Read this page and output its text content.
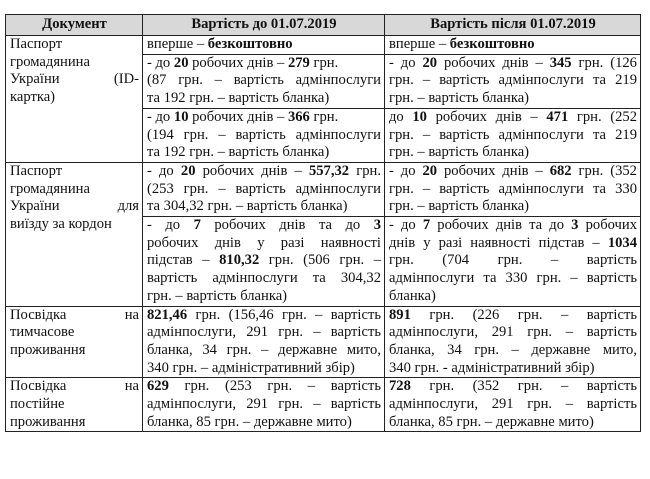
Документ	Вартість до 01.07.2019	Вартість після 01.07.2019

Паспорт
громадянина
України (ID-
картка)	вперше – безкоштовно	вперше – безкоштовно

	- до 20 робочих днів – 279 грн.
(87 грн. – вартість адмінпослуги
та 192 грн. – вартість бланка)	- до 20 робочих днів – 345 грн. (126
грн. – вартість адмінпослуги та 219
грн. – вартість бланка)

	- до 10 робочих днів – 366 грн.
(194 грн. – вартість адмінпослуги
та 192 грн. – вартість бланка)	до 10 робочих днів – 471 грн. (252
грн. – вартість адмінпослуги та 219
грн. – вартість бланка)

Паспорт
громадянина
України для
виїзду за кордон	- до 20 робочих днів – 557,32 грн.
(253 грн. – вартість адмінпослуги
та 304,32 грн. – вартість бланка)	- до 20 робочих днів – 682 грн. (352
грн. – вартість адмінпослуги та 330
грн. – вартість бланка)

	- до 7 робочих днів та до 3
робочих днів у разі наявності
підстав – 810,32 грн. (506 грн. –
вартість адмінпослуги та 304,32
грн. – вартість бланка)	- до 7 робочих днів та до 3 робочих
днів у разі наявності підстав – 1034
грн. (704 грн. – вартість
адмінпослуги та 330 грн. – вартість
бланка)

Посвідка на
тимчасове
проживання	821,46 грн. (156,46 грн. – вартість
адмінпослуги, 291 грн. – вартість
бланка, 34 грн. – державне мито,
340 грн. – адміністративний збір)	891 грн. (226 грн. – вартість
адмінпослуги, 291 грн. – вартість
бланка, 34 грн. – державне мито,
340 грн. - адміністративний збір)

Посвідка на
постійне
проживання	629 грн. (253 грн. – вартість
адмінпослуги, 291 грн. – вартість
бланка, 85 грн. – державне мито)	728 грн. (352 грн. – вартість
адмінпослуги, 291 грн. – вартість
бланка, 85 грн. – державне мито)
